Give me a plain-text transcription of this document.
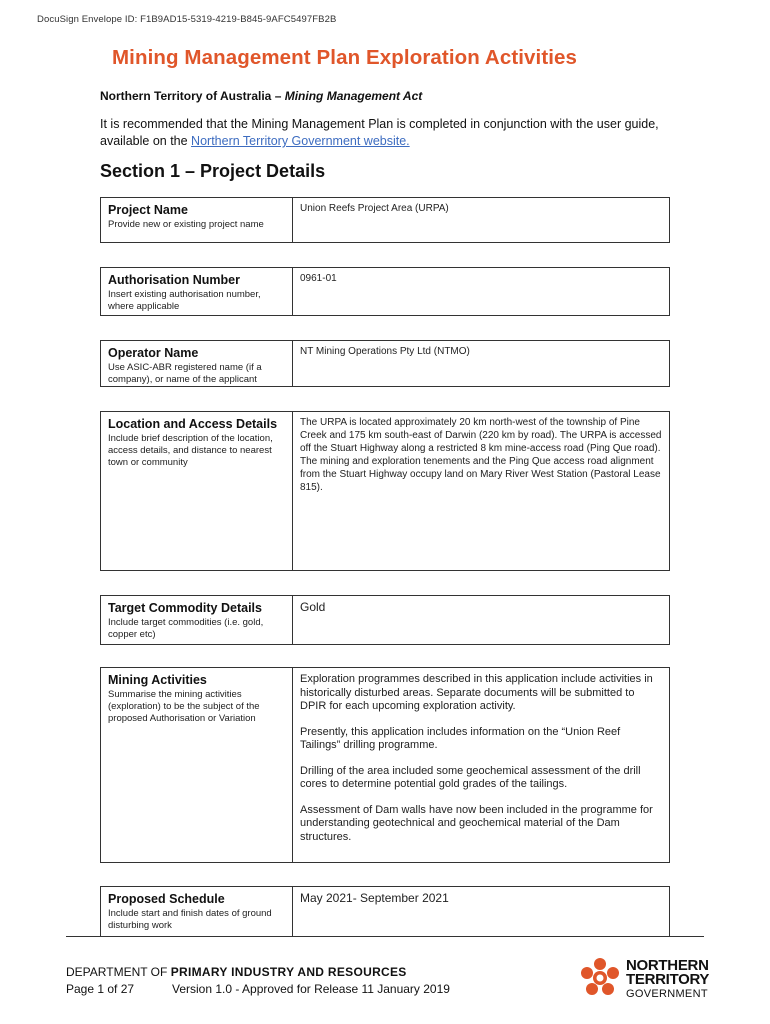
DocuSign Envelope ID: F1B9AD15-5319-4219-B845-9AFC5497FB2B
Mining Management Plan Exploration Activities
Northern Territory of Australia – Mining Management Act
It is recommended that the Mining Management Plan is completed in conjunction with the user guide, available on the Northern Territory Government website.
Section 1 – Project Details
Project Name
Provide new or existing project name
Union Reefs Project Area (URPA)
Authorisation Number
Insert existing authorisation number, where applicable
0961-01
Operator Name
Use ASIC-ABR registered name (if a company), or name of the applicant
NT Mining Operations Pty Ltd (NTMO)
Location and Access Details
Include brief description of the location, access details, and distance to nearest town or community
The URPA is located approximately 20 km north-west of the township of Pine Creek and 175 km south-east of Darwin (220 km by road). The URPA is accessed off the Stuart Highway along a restricted 8 km mine-access road (Ping Que road). The mining and exploration tenements and the Ping Que access road alignment from the Stuart Highway occupy land on Mary River West Station (Pastoral Lease 815).
Target Commodity Details
Include target commodities (i.e. gold, copper etc)
Gold
Mining Activities
Summarise the mining activities (exploration) to be the subject of the proposed Authorisation or Variation

Exploration programmes described in this application include activities in historically disturbed areas. Separate documents will be submitted to DPIR for each upcoming exploration activity.

Presently, this application includes information on the “Union Reef Tailings” drilling programme.

Drilling of the area included some geochemical assessment of the drill cores to determine potential gold grades of the tailings.

Assessment of Dam walls have now been included in the programme for understanding geotechnical and geochemical material of the Dam structures.

Proposed Schedule
Include start and finish dates of ground disturbing work
May 2021- September 2021
DEPARTMENT OF PRIMARY INDUSTRY AND RESOURCES
Page 1 of 27	Version 1.0 - Approved for Release 11 January 2019
NORTHERN
TERRITORY
GOVERNMENT
